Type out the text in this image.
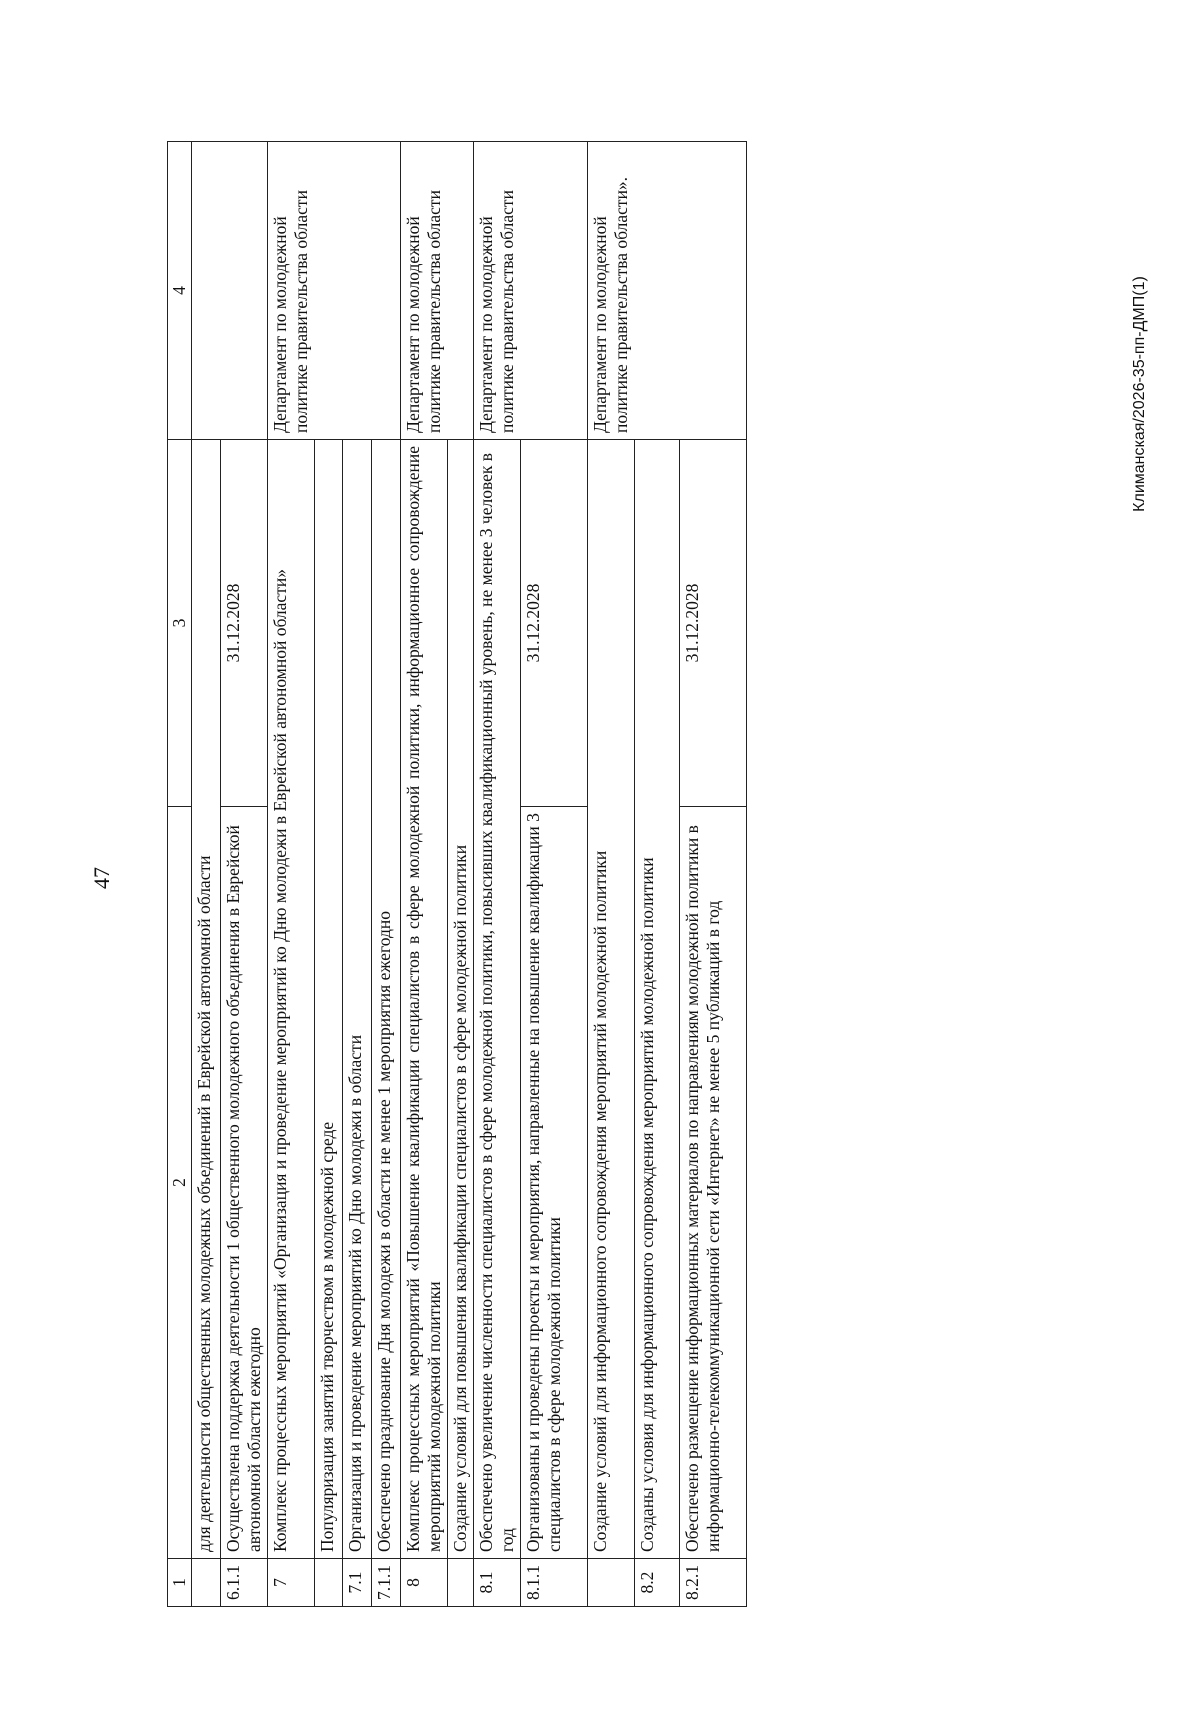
47
Климанская/2026-35-пп-ДМП(1)
1	2	3	4
	для деятельности общественных молодежных объединений в Еврейской автономной области		
6.1.1	Осуществлена поддержка деятельности 1 общественного молодежного объединения в Еврейской автономной области ежегодно	31.12.2028	
7	Комплекс процессных мероприятий «Организация и проведение мероприятий ко Дню молодежи в Еврейской автономной области»		Департамент по молодежной политике правительства области
	Популяризация занятий творчеством в молодежной среде		
7.1	Организация и проведение мероприятий ко Дню молодежи в области		
7.1.1	Обеспечено празднование Дня молодежи в области не менее 1 мероприятия ежегодно		
8	Комплекс процессных мероприятий «Повышение квалификации специалистов в сфере молодежной политики, информационное сопровождение мероприятий молодежной политики		Департамент по молодежной политике правительства области
	Создание условий для повышения квалификации специалистов в сфере молодежной политики		
8.1	Обеспечено увеличение численности специалистов в сфере молодежной политики, повысивших квалификационный уровень, не менее 3 человек в год		Департамент по молодежной политике правительства области
8.1.1	Организованы и проведены проекты и мероприятия, направленные на повышение квалификации 3 специалистов в сфере молодежной политики	31.12.2028	
	Создание условий для информационного сопровождения мероприятий молодежной политики		Департамент по молодежной политике правительства области».
8.2	Созданы условия для информационного сопровождения мероприятий молодежной политики		
8.2.1	Обеспечено размещение информационных материалов по направлениям молодежной политики в информационно-телекоммуникационной сети «Интернет» не менее 5 публикаций в год	31.12.2028	
